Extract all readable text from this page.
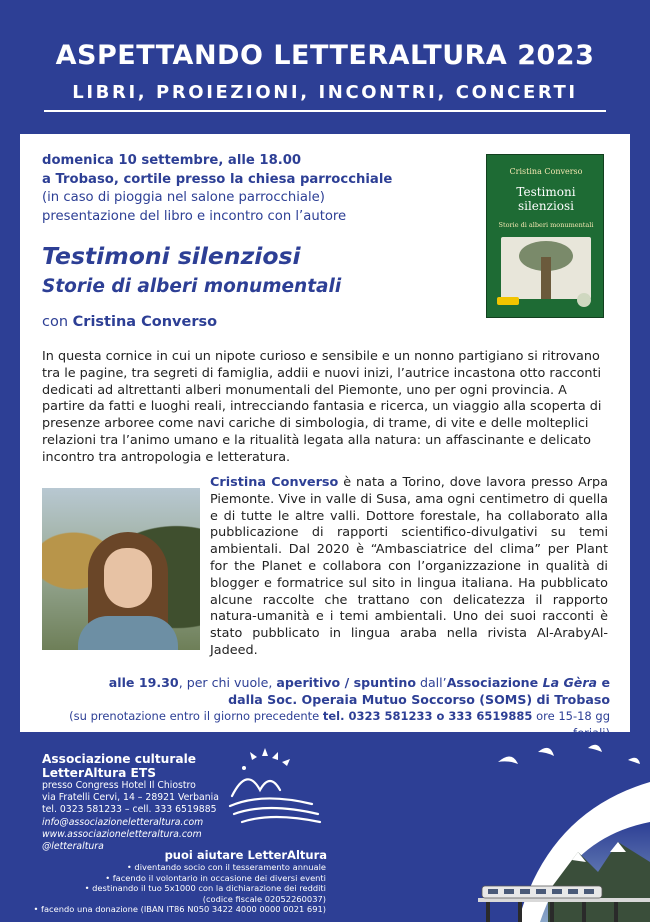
ASPETTANDO LETTERALTURA 2023
LIBRI, PROIEZIONI, INCONTRI, CONCERTI
domenica 10 settembre, alle 18.00
a Trobaso, cortile presso la chiesa parrocchiale
(in caso di pioggia nel salone parrocchiale)
presentazione del libro e incontro con l’autore
Testimoni silenziosi
Storie di alberi monumentali
con Cristina Converso
Cristina Converso
Testimoni
silenziosi
Storie di alberi monumentali
In questa cornice in cui un nipote curioso e sensibile e un nonno partigiano si ritrovano tra le pagine, tra segreti di famiglia, addii e nuovi inizi, l’autrice incastona otto racconti dedicati ad altrettanti alberi monumentali del Piemonte, uno per ogni provincia. A partire da fatti e luoghi reali, intrecciando fantasia e ricerca, un viaggio alla scoperta di presenze arboree come navi cariche di simbologia, di trame, di vite e delle molteplici relazioni tra l’animo umano e la ritualità legata alla natura: un affascinante e delicato incontro tra antropologia e letteratura.
Cristina Converso è nata a Torino, dove lavora presso Arpa Piemonte. Vive in valle di Susa, ama ogni centimetro di quella e di tutte le altre valli. Dottore forestale, ha collaborato alla pubblicazione di rapporti scientifico-divulgativi su temi ambientali. Dal 2020 è “Ambasciatrice del clima” per Plant for the Planet e collabora con l’organizzazione in qualità di blogger e formatrice sul sito in lingua italiana. Ha pubblicato alcune raccolte che trattano con delicatezza il rapporto natura-umanità e i temi ambientali. Uno dei suoi racconti è stato pubblicato in lingua araba nella rivista Al-ArabyAl-Jadeed.
alle 19.30, per chi vuole, aperitivo / spuntino dall’Associazione La Gèra e
dalla Soc. Operaia Mutuo Soccorso (SOMS) di Trobaso
(su prenotazione entro il giorno precedente tel. 0323 581233 o 333 6519885 ore 15-18 gg feriali)
Associazione culturale
LetterAltura ETS
presso Congress Hotel Il Chiostro
via Fratelli Cervi, 14 – 28921 Verbania
tel. 0323 581233 – cell. 333 6519885
info@associazioneletteraltura.com
www.associazioneletteraltura.com
@letteraltura
puoi aiutare LetterAltura
• diventando socio con il tesseramento annuale
• facendo il volontario in occasione dei diversi eventi
• destinando il tuo 5x1000 con la dichiarazione dei redditi
(codice fiscale 02052260037)
• facendo una donazione (IBAN IT86 N050 3422 4000 0000 0021 691)
